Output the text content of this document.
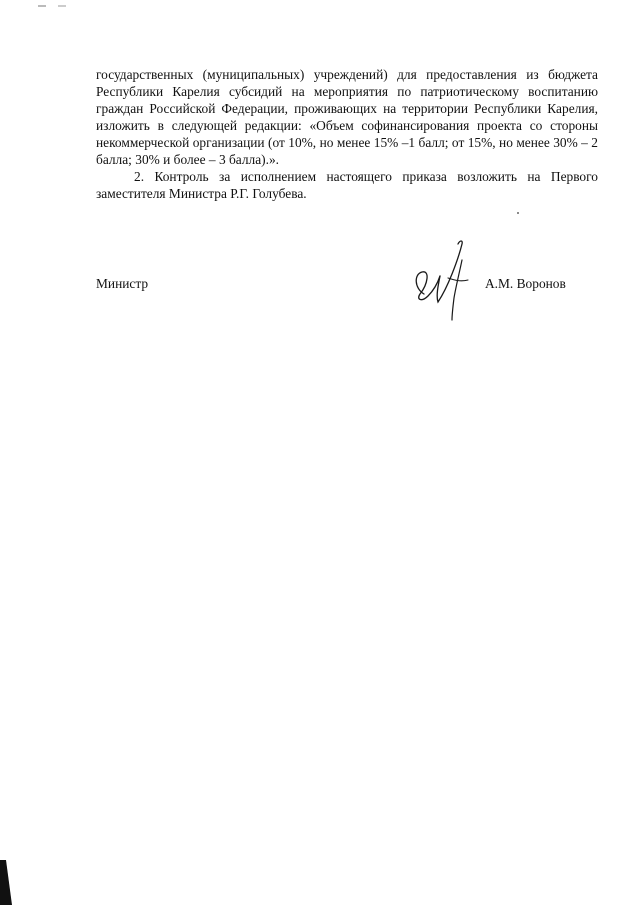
государственных (муниципальных) учреждений) для предоставления из бюджета Республики Карелия субсидий на мероприятия по патриотическому воспитанию граждан Российской Федерации, проживающих на территории Республики Карелия, изложить в следующей редакции: «Объем софинансирования проекта со стороны некоммерческой организации (от 10%, но менее 15% –1 балл; от 15%, но менее 30% – 2 балла; 30% и более – 3 балла).».

2. Контроль за исполнением настоящего приказа возложить на Первого заместителя Министра Р.Г. Голубева.

Министр	А.М. Воронов
